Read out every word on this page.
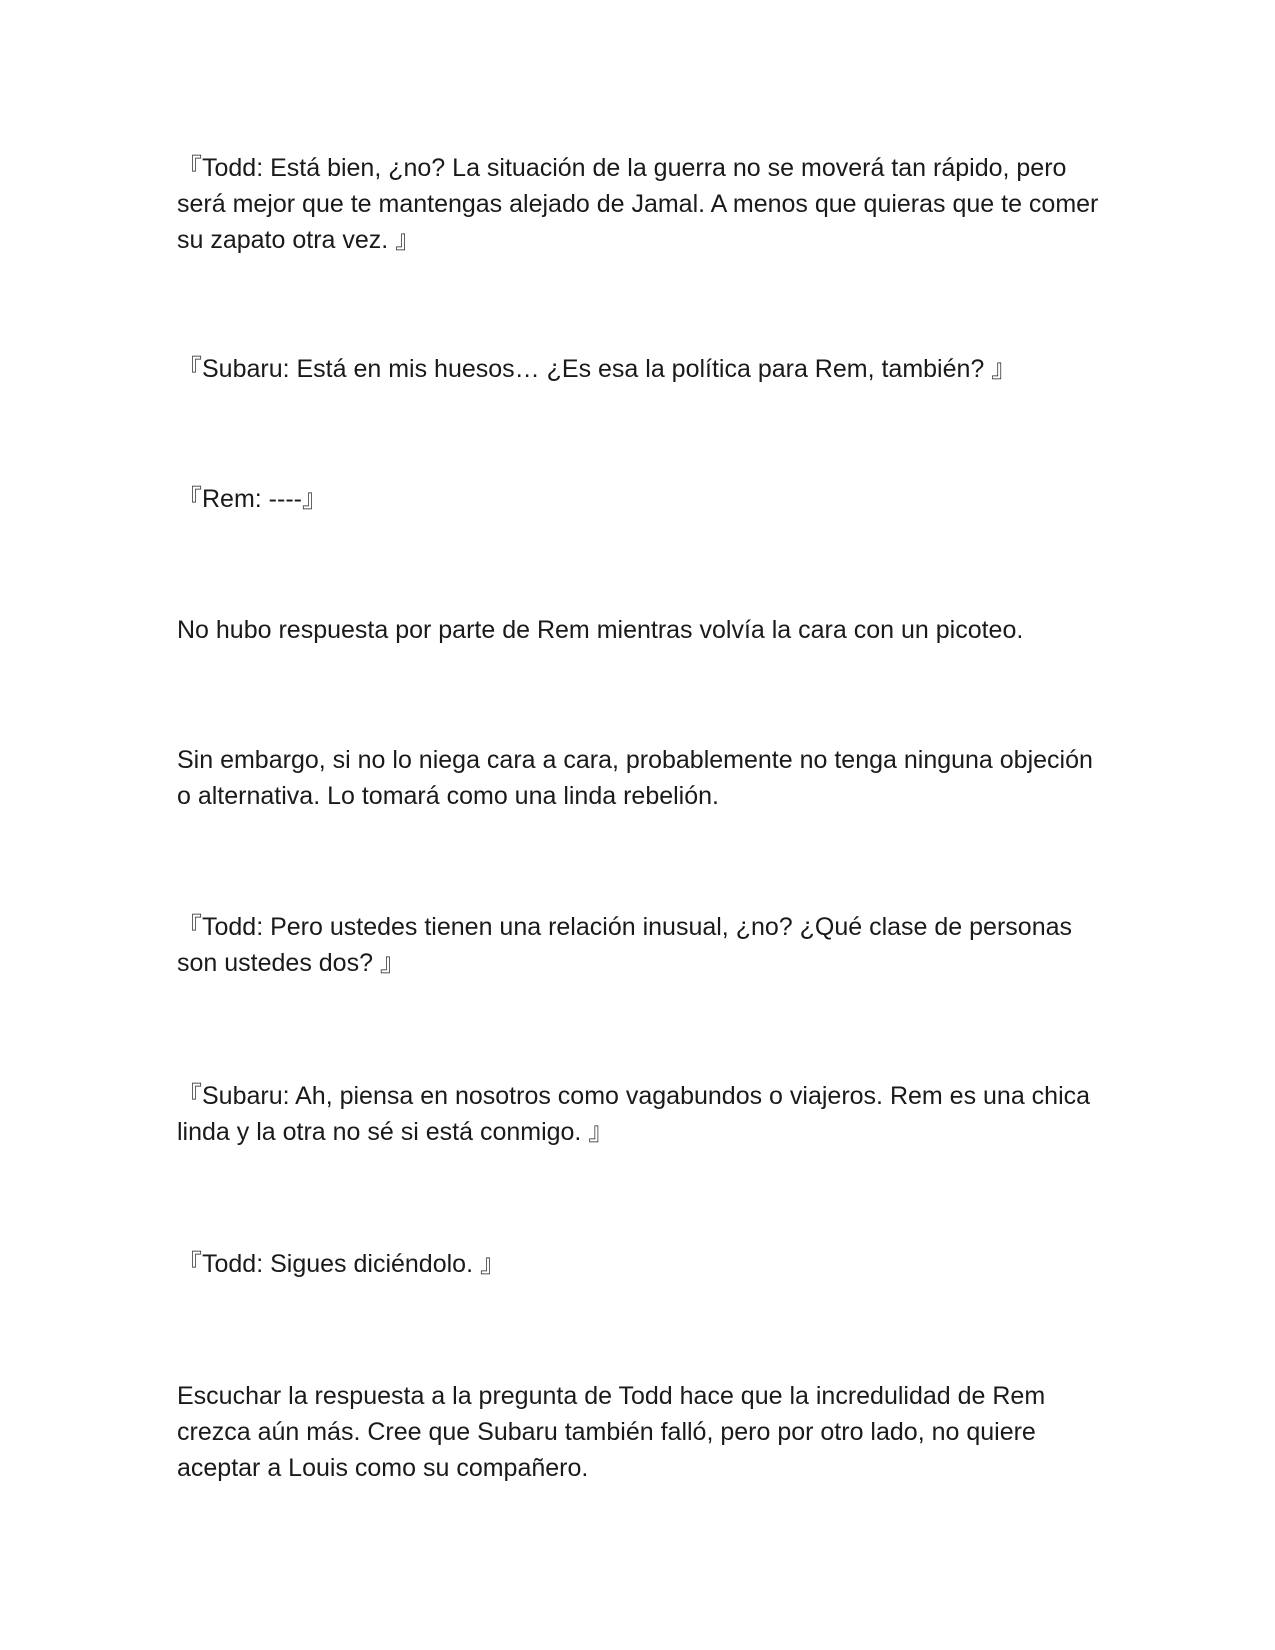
『Todd: Está bien, ¿no? La situación de la guerra no se moverá tan rápido, pero será mejor que te mantengas alejado de Jamal. A menos que quieras que te comer su zapato otra vez. 』

『Subaru: Está en mis huesos… ¿Es esa la política para Rem, también? 』

『Rem: ----』

No hubo respuesta por parte de Rem mientras volvía la cara con un picoteo.

Sin embargo, si no lo niega cara a cara, probablemente no tenga ninguna objeción o alternativa. Lo tomará como una linda rebelión.

『Todd: Pero ustedes tienen una relación inusual, ¿no? ¿Qué clase de personas son ustedes dos? 』

『Subaru: Ah, piensa en nosotros como vagabundos o viajeros. Rem es una chica linda y la otra no sé si está conmigo. 』

『Todd: Sigues diciéndolo. 』

Escuchar la respuesta a la pregunta de Todd hace que la incredulidad de Rem crezca aún más. Cree que Subaru también falló, pero por otro lado, no quiere aceptar a Louis como su compañero.
